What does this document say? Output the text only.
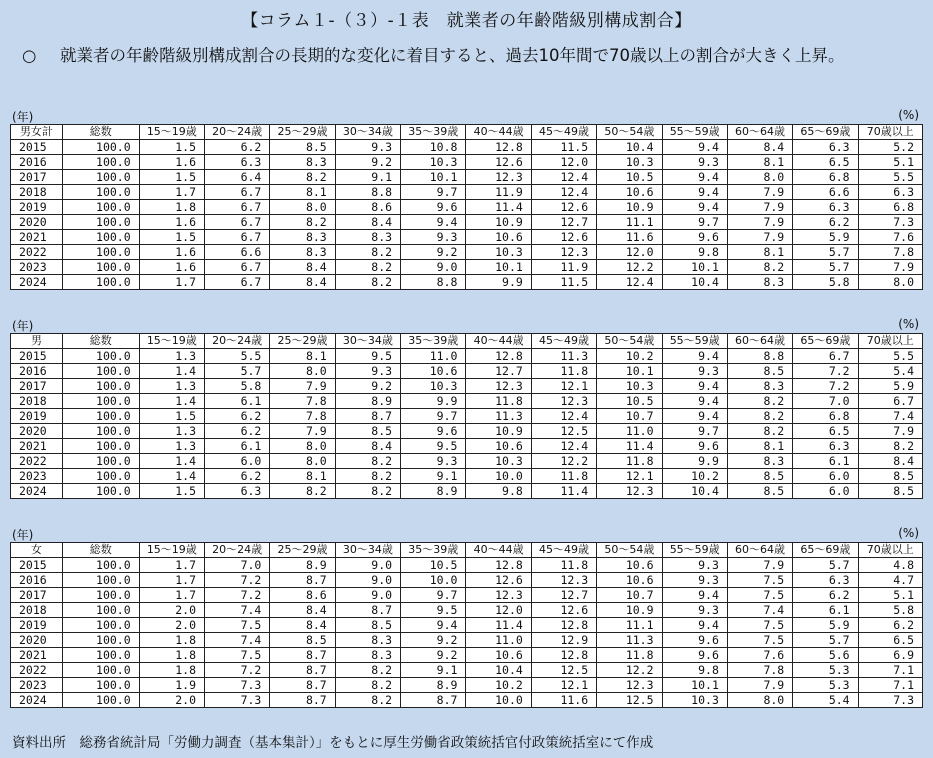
【コラム１-（３）-１表　就業者の年齢階級別構成割合】
○	就業者の年齢階級別構成割合の長期的な変化に着目すると、過去10年間で70歳以上の割合が大きく上昇。
(年)	(%)
男女計	総数	15～19歳	20～24歳	25～29歳	30～34歳	35～39歳	40～44歳	45～49歳	50～54歳	55～59歳	60～64歳	65～69歳	70歳以上
2015	100.0	1.5	6.2	8.5	9.3	10.8	12.8	11.5	10.4	9.4	8.4	6.3	5.2
2016	100.0	1.6	6.3	8.3	9.2	10.3	12.6	12.0	10.3	9.3	8.1	6.5	5.1
2017	100.0	1.5	6.4	8.2	9.1	10.1	12.3	12.4	10.5	9.4	8.0	6.8	5.5
2018	100.0	1.7	6.7	8.1	8.8	9.7	11.9	12.4	10.6	9.4	7.9	6.6	6.3
2019	100.0	1.8	6.7	8.0	8.6	9.6	11.4	12.6	10.9	9.4	7.9	6.3	6.8
2020	100.0	1.6	6.7	8.2	8.4	9.4	10.9	12.7	11.1	9.7	7.9	6.2	7.3
2021	100.0	1.5	6.7	8.3	8.3	9.3	10.6	12.6	11.6	9.6	7.9	5.9	7.6
2022	100.0	1.6	6.6	8.3	8.2	9.2	10.3	12.3	12.0	9.8	8.1	5.7	7.8
2023	100.0	1.6	6.7	8.4	8.2	9.0	10.1	11.9	12.2	10.1	8.2	5.7	7.9
2024	100.0	1.7	6.7	8.4	8.2	8.8	9.9	11.5	12.4	10.4	8.3	5.8	8.0
(年)	(%)
男	総数	15～19歳	20～24歳	25～29歳	30～34歳	35～39歳	40～44歳	45～49歳	50～54歳	55～59歳	60～64歳	65～69歳	70歳以上
2015	100.0	1.3	5.5	8.1	9.5	11.0	12.8	11.3	10.2	9.4	8.8	6.7	5.5
2016	100.0	1.4	5.7	8.0	9.3	10.6	12.7	11.8	10.1	9.3	8.5	7.2	5.4
2017	100.0	1.3	5.8	7.9	9.2	10.3	12.3	12.1	10.3	9.4	8.3	7.2	5.9
2018	100.0	1.4	6.1	7.8	8.9	9.9	11.8	12.3	10.5	9.4	8.2	7.0	6.7
2019	100.0	1.5	6.2	7.8	8.7	9.7	11.3	12.4	10.7	9.4	8.2	6.8	7.4
2020	100.0	1.3	6.2	7.9	8.5	9.6	10.9	12.5	11.0	9.7	8.2	6.5	7.9
2021	100.0	1.3	6.1	8.0	8.4	9.5	10.6	12.4	11.4	9.6	8.1	6.3	8.2
2022	100.0	1.4	6.0	8.0	8.2	9.3	10.3	12.2	11.8	9.9	8.3	6.1	8.4
2023	100.0	1.4	6.2	8.1	8.2	9.1	10.0	11.8	12.1	10.2	8.5	6.0	8.5
2024	100.0	1.5	6.3	8.2	8.2	8.9	9.8	11.4	12.3	10.4	8.5	6.0	8.5
(年)	(%)
女	総数	15～19歳	20～24歳	25～29歳	30～34歳	35～39歳	40～44歳	45～49歳	50～54歳	55～59歳	60～64歳	65～69歳	70歳以上
2015	100.0	1.7	7.0	8.9	9.0	10.5	12.8	11.8	10.6	9.3	7.9	5.7	4.8
2016	100.0	1.7	7.2	8.7	9.0	10.0	12.6	12.3	10.6	9.3	7.5	6.3	4.7
2017	100.0	1.7	7.2	8.6	9.0	9.7	12.3	12.7	10.7	9.4	7.5	6.2	5.1
2018	100.0	2.0	7.4	8.4	8.7	9.5	12.0	12.6	10.9	9.3	7.4	6.1	5.8
2019	100.0	2.0	7.5	8.4	8.5	9.4	11.4	12.8	11.1	9.4	7.5	5.9	6.2
2020	100.0	1.8	7.4	8.5	8.3	9.2	11.0	12.9	11.3	9.6	7.5	5.7	6.5
2021	100.0	1.8	7.5	8.7	8.3	9.2	10.6	12.8	11.8	9.6	7.6	5.6	6.9
2022	100.0	1.8	7.2	8.7	8.2	9.1	10.4	12.5	12.2	9.8	7.8	5.3	7.1
2023	100.0	1.9	7.3	8.7	8.2	8.9	10.2	12.1	12.3	10.1	7.9	5.3	7.1
2024	100.0	2.0	7.3	8.7	8.2	8.7	10.0	11.6	12.5	10.3	8.0	5.4	7.3
資料出所　総務省統計局「労働力調査（基本集計）」をもとに厚生労働省政策統括官付政策統括室にて作成
